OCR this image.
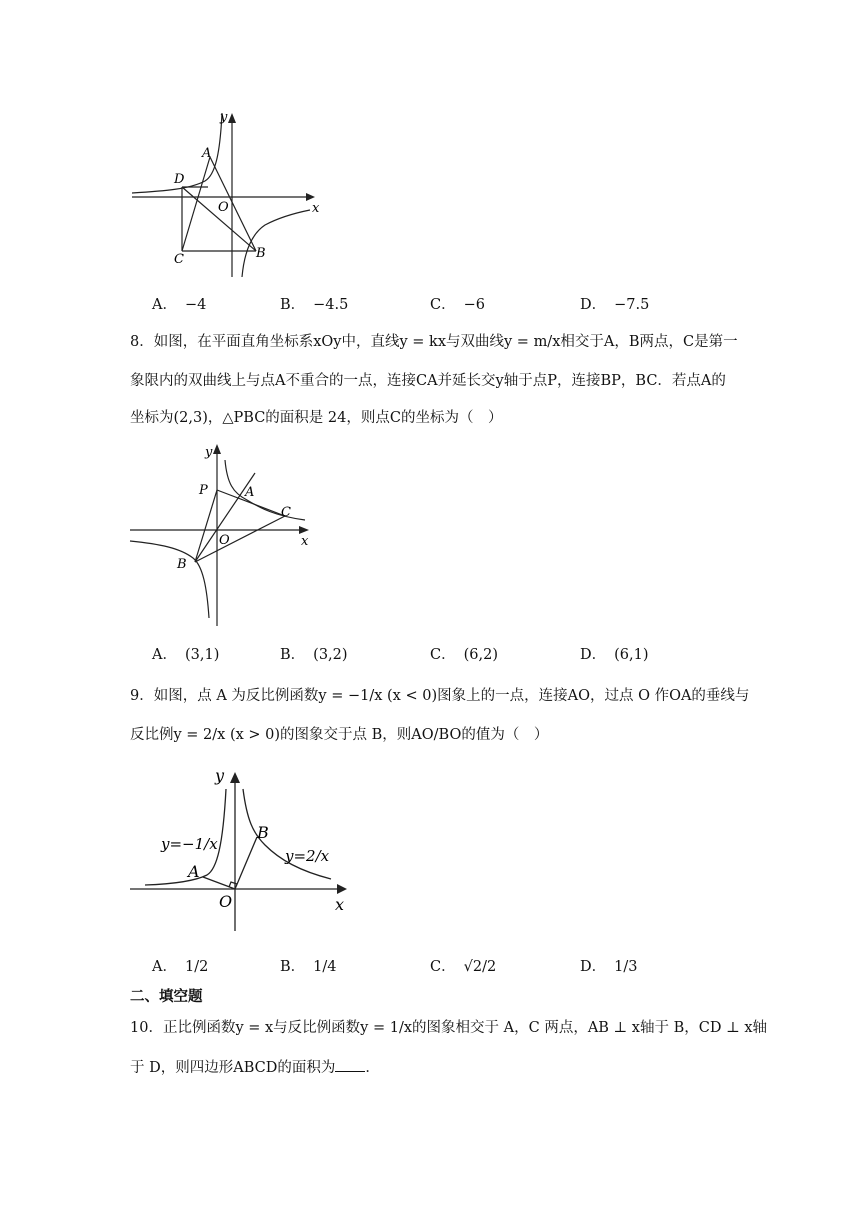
y
x
A
D
O
C	B
A． −4	B． −4.5	C． −6	D． −7.5
8．如图，在平面直角坐标系xOy中，直线y = kx与双曲线y = m/x相交于A，B两点，C是第一
象限内的双曲线上与点A不重合的一点，连接CA并延长交y轴于点P，连接BP，BC．若点A的
坐标为(2,3)，△PBC的面积是 24，则点C的坐标为（　）
y
x
P	A
C
O
B
A． (3,1)	B． (3,2)	C． (6,2)	D． (6,1)
9．如图，点 A 为反比例函数y = −1/x (x < 0)图象上的一点，连接AO，过点 O 作OA的垂线与
反比例y = 2/x (x > 0)的图象交于点 B，则AO/BO的值为（　）
y
x
A
B
O
y=−1/x
y=2/x
A． 1/2	B． 1/4	C． √2/2	D． 1/3
二、填空题
10．正比例函数y = x与反比例函数y = 1/x的图象相交于 A，C 两点，AB ⊥ x轴于 B，CD ⊥ x轴
于 D，则四边形ABCD的面积为 ．
